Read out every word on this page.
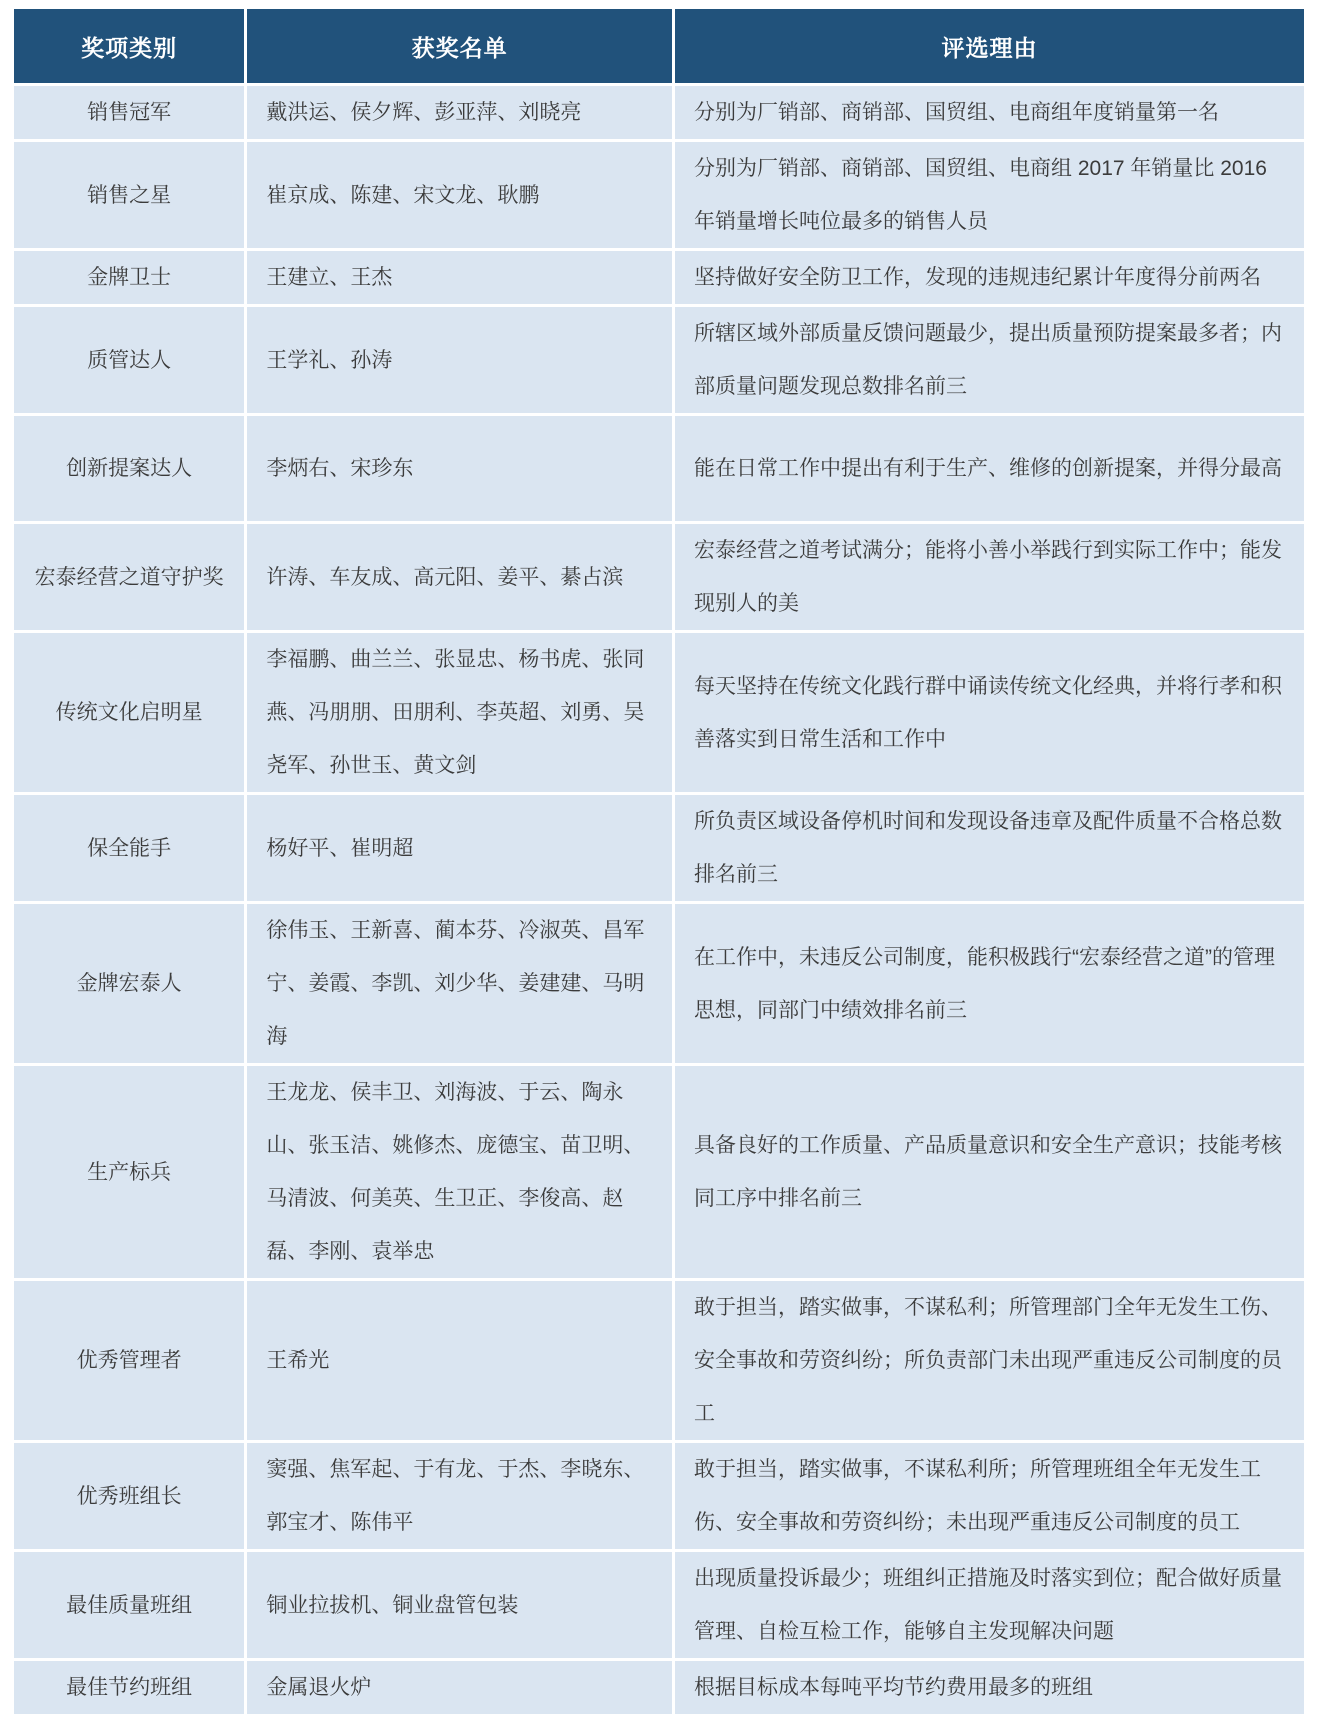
奖项类别	获奖名单	评选理由
销售冠军	戴洪运、侯夕辉、彭亚萍、刘晓亮	分别为厂销部、商销部、国贸组、电商组年度销量第一名
销售之星	崔京成、陈建、宋文龙、耿鹏	分别为厂销部、商销部、国贸组、电商组 2017 年销量比 2016 年销量增长吨位最多的销售人员
金牌卫士	王建立、王杰	坚持做好安全防卫工作，发现的违规违纪累计年度得分前两名
质管达人	王学礼、孙涛	所辖区域外部质量反馈问题最少，提出质量预防提案最多者；内部质量问题发现总数排名前三
创新提案达人	李炳右、宋珍东	能在日常工作中提出有利于生产、维修的创新提案，并得分最高
宏泰经营之道守护奖	许涛、车友成、高元阳、姜平、綦占滨	宏泰经营之道考试满分；能将小善小举践行到实际工作中；能发现别人的美
传统文化启明星	李福鹏、曲兰兰、张显忠、杨书虎、张同燕、冯朋朋、田朋利、李英超、刘勇、吴尧军、孙世玉、黄文剑	每天坚持在传统文化践行群中诵读传统文化经典，并将行孝和积善落实到日常生活和工作中
保全能手	杨好平、崔明超	所负责区域设备停机时间和发现设备违章及配件质量不合格总数排名前三
金牌宏泰人	徐伟玉、王新喜、蔺本芬、冷淑英、昌军宁、姜霞、李凯、刘少华、姜建建、马明海	在工作中，未违反公司制度，能积极践行“宏泰经营之道”的管理思想，同部门中绩效排名前三
生产标兵	王龙龙、侯丰卫、刘海波、于云、陶永山、张玉洁、姚修杰、庞德宝、苗卫明、马清波、何美英、生卫正、李俊高、赵磊、李刚、袁举忠	具备良好的工作质量、产品质量意识和安全生产意识；技能考核同工序中排名前三
优秀管理者	王希光	敢于担当，踏实做事，不谋私利；所管理部门全年无发生工伤、安全事故和劳资纠纷；所负责部门未出现严重违反公司制度的员工
优秀班组长	窦强、焦军起、于有龙、于杰、李晓东、郭宝才、陈伟平	敢于担当，踏实做事，不谋私利所；所管理班组全年无发生工伤、安全事故和劳资纠纷；未出现严重违反公司制度的员工
最佳质量班组	铜业拉拔机、铜业盘管包装	出现质量投诉最少；班组纠正措施及时落实到位；配合做好质量管理、自检互检工作，能够自主发现解决问题
最佳节约班组	金属退火炉	根据目标成本每吨平均节约费用最多的班组
